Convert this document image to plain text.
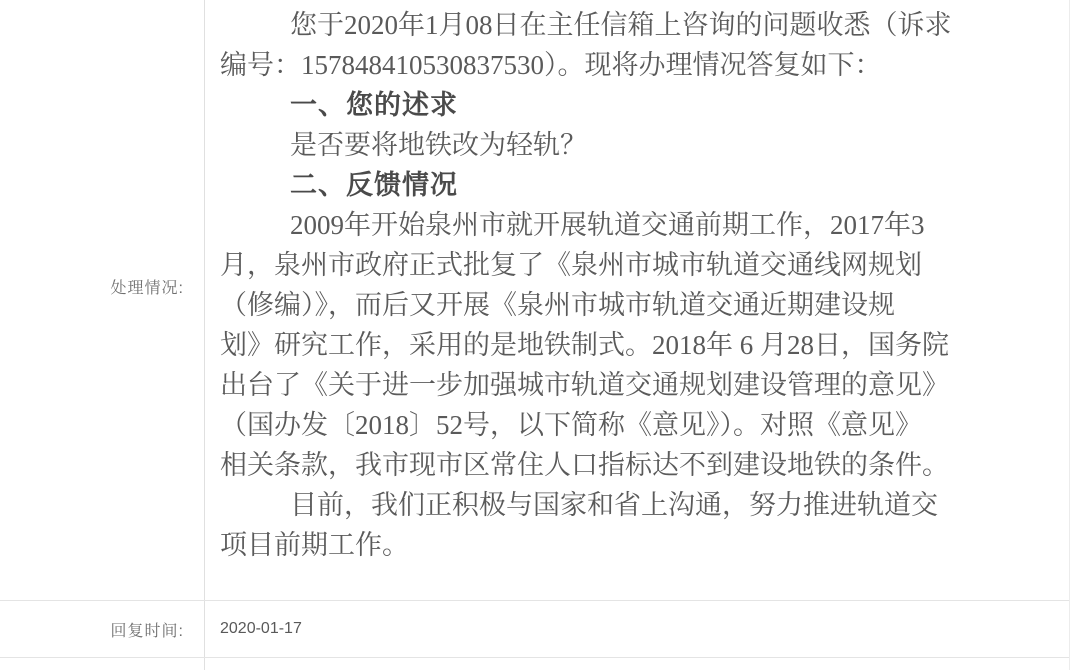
处理情况:
您于2020年1月08日在主任信箱上咨询的问题收悉（诉求
编号：157848410530837530）。现将办理情况答复如下：
一、您的述求
是否要将地铁改为轻轨？
二、反馈情况
2009年开始泉州市就开展轨道交通前期工作，2017年3
月，泉州市政府正式批复了《泉州市城市轨道交通线网规划
（修编）》，而后又开展《泉州市城市轨道交通近期建设规
划》研究工作，采用的是地铁制式。2018年 6 月28日，国务院
出台了《关于进一步加强城市轨道交通规划建设管理的意见》
（国办发〔2018〕52号，以下简称《意见》）。对照《意见》
相关条款，我市现市区常住人口指标达不到建设地铁的条件。
目前，我们正积极与国家和省上沟通，努力推进轨道交
项目前期工作。
回复时间:	2020-01-17
